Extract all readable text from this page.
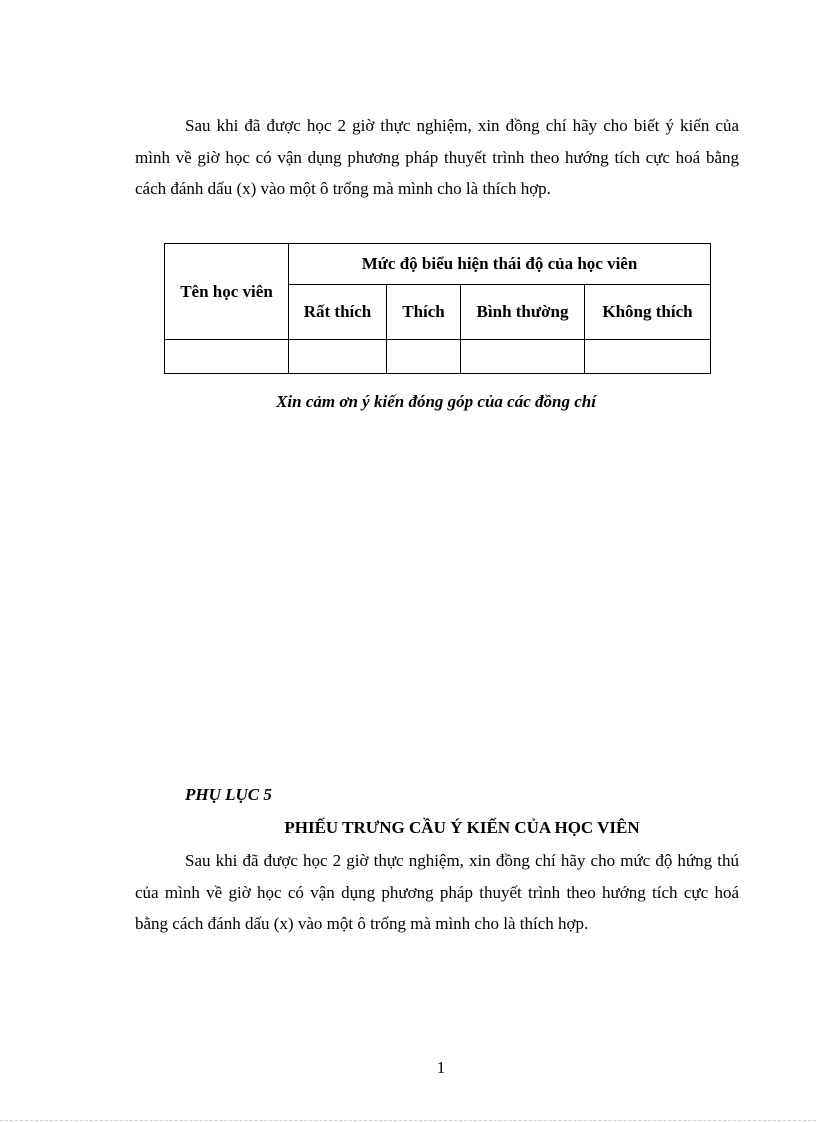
Sau khi đã được học 2 giờ thực nghiệm, xin đồng chí hãy cho biết ý kiến của mình về giờ học có vận dụng phương pháp thuyết trình theo hướng tích cực hoá bằng cách đánh dấu (x) vào một ô trống mà mình cho là thích hợp.

Tên học viên	Mức độ biểu hiện thái độ của học viên			
	Rất thích	Thích	Bình thường	Không thích

Xin cảm ơn ý kiến đóng góp của các đồng chí

PHỤ LỤC 5

PHIẾU TRƯNG CẦU Ý KIẾN CỦA HỌC VIÊN

Sau khi đã được học 2 giờ thực nghiệm, xin đồng chí hãy cho mức độ hứng thú của mình về giờ học có vận dụng phương pháp thuyết trình theo hướng tích cực hoá bằng cách đánh dấu (x) vào một ô trống mà mình cho là thích hợp.

1
